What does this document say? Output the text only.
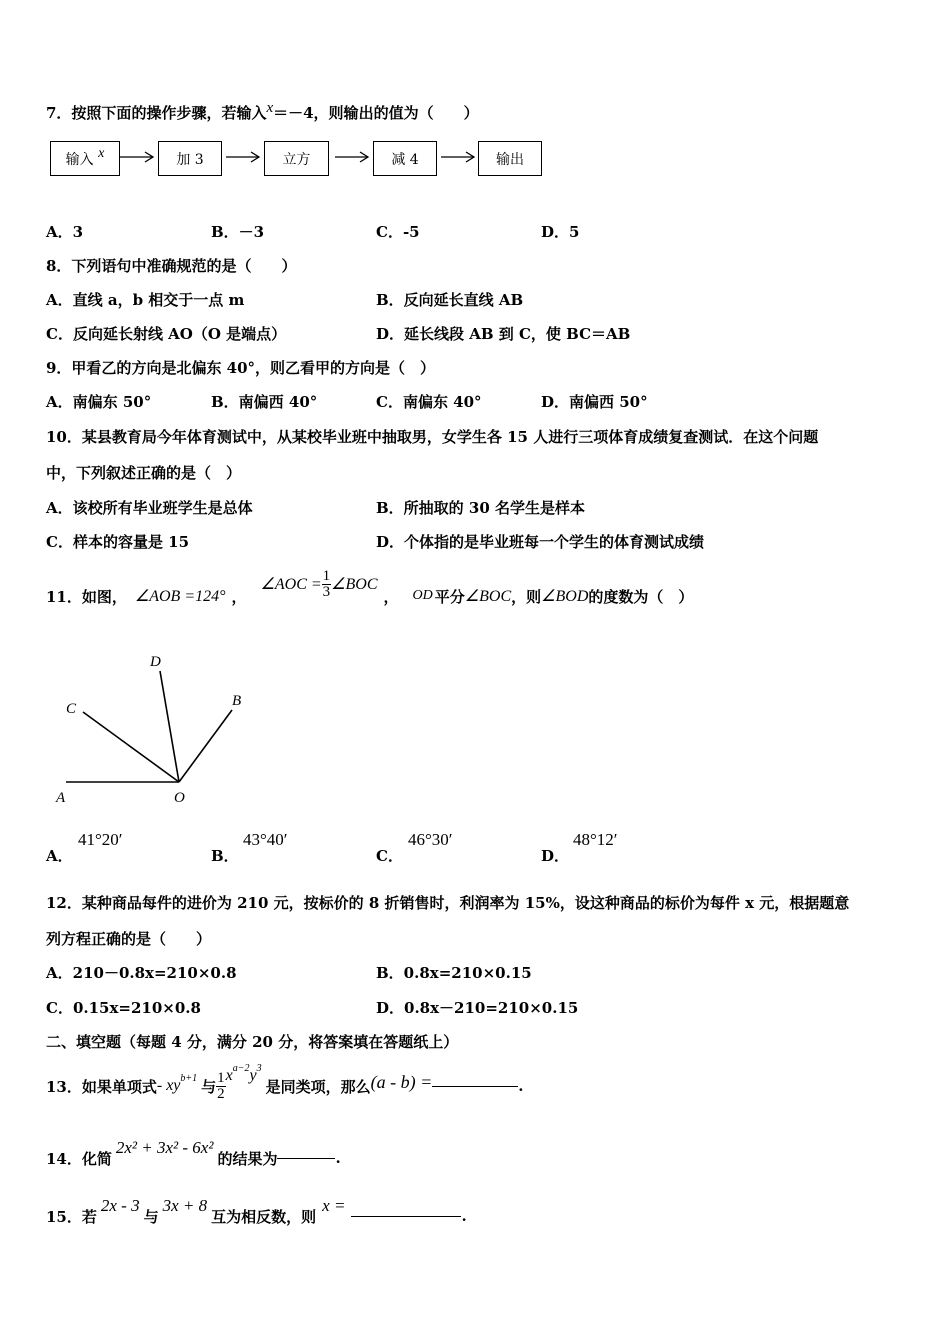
7．按照下面的操作步骤，若输入x＝－4，则输出的值为（　　）
输入
x	加 3	立方	减 4	输出
A．3	B．－3	C．-5	D．5
8．下列语句中准确规范的是（　　）
A．直线 a，b 相交于一点 m	B．反向延长直线 AB
C．反向延长射线 AO（O 是端点）	D．延长线段 AB 到 C，使 BC＝AB
9．甲看乙的方向是北偏东 40°，则乙看甲的方向是（　）
A．南偏东 50°	B．南偏西 40°	C．南偏东 40°	D．南偏西 50°
10．某县教育局今年体育测试中，从某校毕业班中抽取男，女学生各 15 人进行三项体育成绩复查测试．在这个问题
中，下列叙述正确的是（　）
A．该校所有毕业班学生是总体	B．所抽取的 30 名学生是样本
C．样本的容量是 15	D．个体指的是毕业班每一个学生的体育测试成绩
11．如图， ∠AOB =124° ，
∠AOC = $\frac{1}{3}$ ∠BOC
， OD 平分 ∠BOC ，则 ∠BOD 的度数为（　）
D
B
C
A	O
A．
41°20′
B．
43°40′
C．
46°30′
D．
48°12′
12．某种商品每件的进价为 210 元，按标价的 8 折销售时，利润率为 15%，设这种商品的标价为每件 x 元，根据题意
列方程正确的是（　　）
A．210－0.8x=210×0.8	B．0.8x=210×0.15
C．0.15x=210×0.8	D．0.8x－210=210×0.15
二、填空题（每题 4 分，满分 20 分，将答案填在答题纸上）
13．如果单项式 - $xy^{b+1}$ 与 $\frac{1}{2} x^{a-2}$ $y^3$
是同类项，那么 (a - b) =	.
14．化简
2x² + 3x² - 6x²
的结果为	.
15．若
2x - 3
与
3x + 8
互为相反数，则
x =
.
